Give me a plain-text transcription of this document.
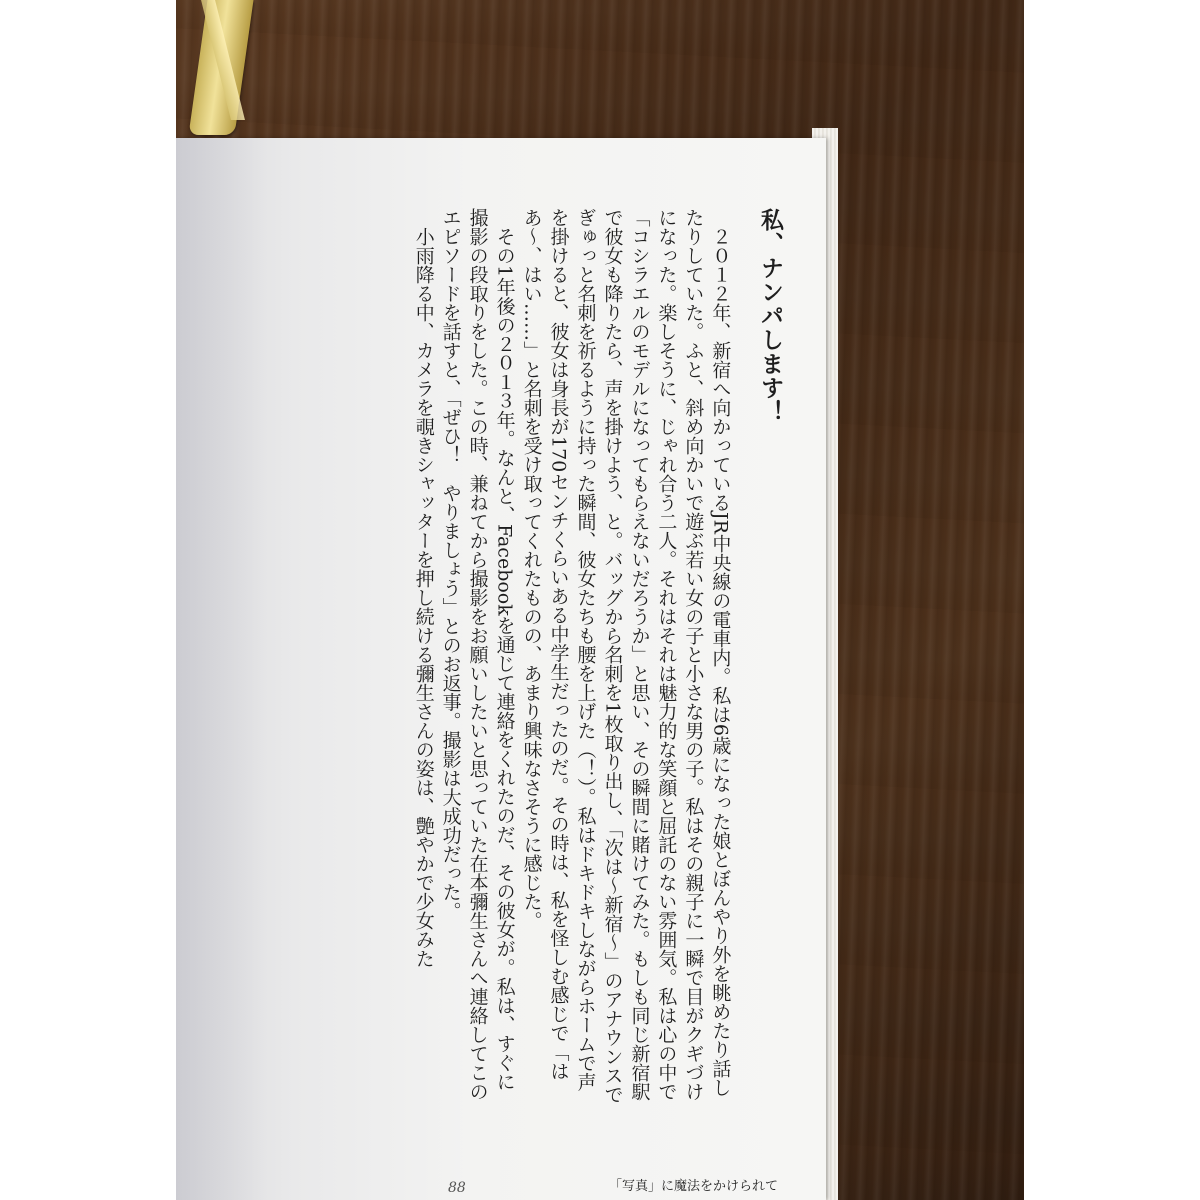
私、ナンパします！

２０１２年、新宿へ向かっているJR中央線の電車内。私は6歳になった娘とぼんやり外を眺めたり話したりしていた。ふと、斜め向かいで遊ぶ若い女の子と小さな男の子。私はその親子に一瞬で目がクギづけになった。楽しそうに、じゃれ合う二人。それはそれは魅力的な笑顔と屈託のない雰囲気。私は心の中で「コシラエルのモデルになってもらえないだろうか」と思い、その瞬間に賭けてみた。もしも同じ新宿駅で彼女も降りたら、声を掛けよう、と。バッグから名刺を1枚取り出し、「次は〜新宿〜」のアナウンスでぎゅっと名刺を祈るように持った瞬間、彼女たちも腰を上げた（！）。私はドキドキしながらホームで声を掛けると、彼女は身長が170センチくらいある中学生だったのだ。その時は、私を怪しむ感じで「はあ〜、はい……」と名刺を受け取ってくれたものの、あまり興味なさそうに感じた。

その1年後の２０１３年。なんと、Facebookを通じて連絡をくれたのだ、その彼女が。私は、すぐに撮影の段取りをした。この時、兼ねてから撮影をお願いしたいと思っていた在本彌生さんへ連絡してこのエピソードを話すと、「ぜひ！　やりましょう」とのお返事。撮影は大成功だった。

小雨降る中、カメラを覗きシャッターを押し続ける彌生さんの姿は、艶やかで少女みた

88	「写真」に魔法をかけられて
